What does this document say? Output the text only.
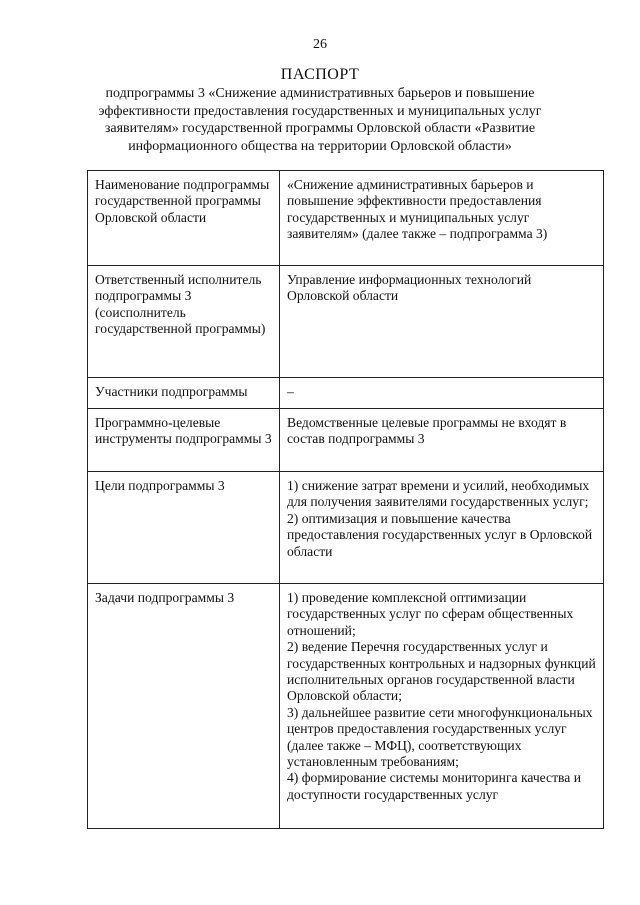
26
ПАСПОРТ
подпрограммы 3 «Снижение административных барьеров и повышение эффективности предоставления государственных и муниципальных услуг заявителям» государственной программы Орловской области «Развитие информационного общества на территории Орловской области»
Наименование подпрограммы государственной программы Орловской области	«Снижение административных барьеров и повышение эффективности предоставления государственных и муниципальных услуг заявителям» (далее также – подпрограмма 3)

Ответственный исполнитель подпрограммы 3 (соисполнитель государственной программы)	Управление информационных технологий Орловской области

Участники подпрограммы	–

Программно-целевые инструменты подпрограммы 3	Ведомственные целевые программы не входят в состав подпрограммы 3

Цели подпрограммы 3	1) снижение затрат времени и усилий, необходимых для получения заявителями государственных услуг;
2) оптимизация и повышение качества предоставления государственных услуг в Орловской области

Задачи подпрограммы 3	1) проведение комплексной оптимизации государственных услуг по сферам общественных отношений;
2) ведение Перечня государственных услуг и государственных контрольных и надзорных функций исполнительных органов государственной власти Орловской области;
3) дальнейшее развитие сети многофункциональных центров предоставления государственных услуг (далее также – МФЦ), соответствующих установленным требованиям;
4) формирование системы мониторинга качества и доступности государственных услуг
